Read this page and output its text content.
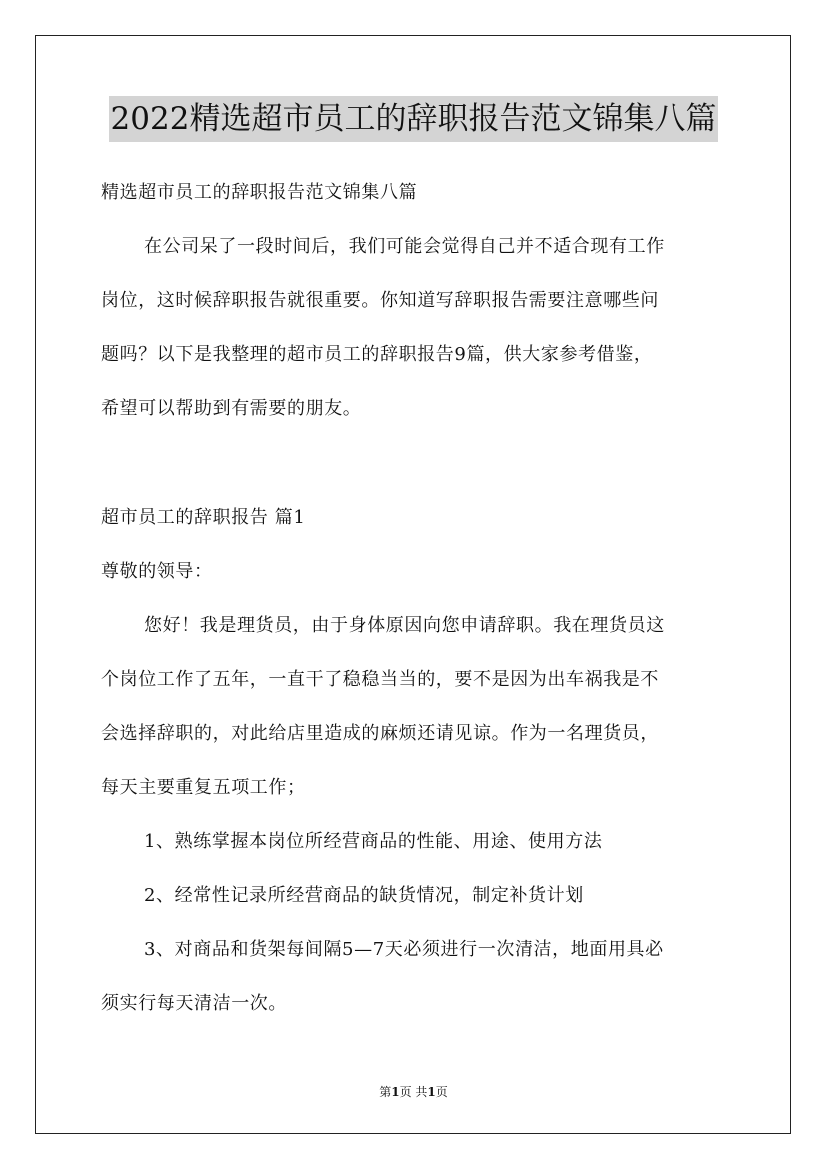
2022精选超市员工的辞职报告范文锦集八篇
精选超市员工的辞职报告范文锦集八篇
在公司呆了一段时间后，我们可能会觉得自己并不适合现有工作
岗位，这时候辞职报告就很重要。你知道写辞职报告需要注意哪些问
题吗？以下是我整理的超市员工的辞职报告9篇，供大家参考借鉴，
希望可以帮助到有需要的朋友。
超市员工的辞职报告 篇1
尊敬的领导：
您好！我是理货员，由于身体原因向您申请辞职。我在理货员这
个岗位工作了五年，一直干了稳稳当当的，要不是因为出车祸我是不
会选择辞职的，对此给店里造成的麻烦还请见谅。作为一名理货员，
每天主要重复五项工作；
1、熟练掌握本岗位所经营商品的性能、用途、使用方法
2、经常性记录所经营商品的缺货情况，制定补货计划
3、对商品和货架每间隔5—7天必须进行一次清洁，地面用具必
须实行每天清洁一次。
第1页 共1页
